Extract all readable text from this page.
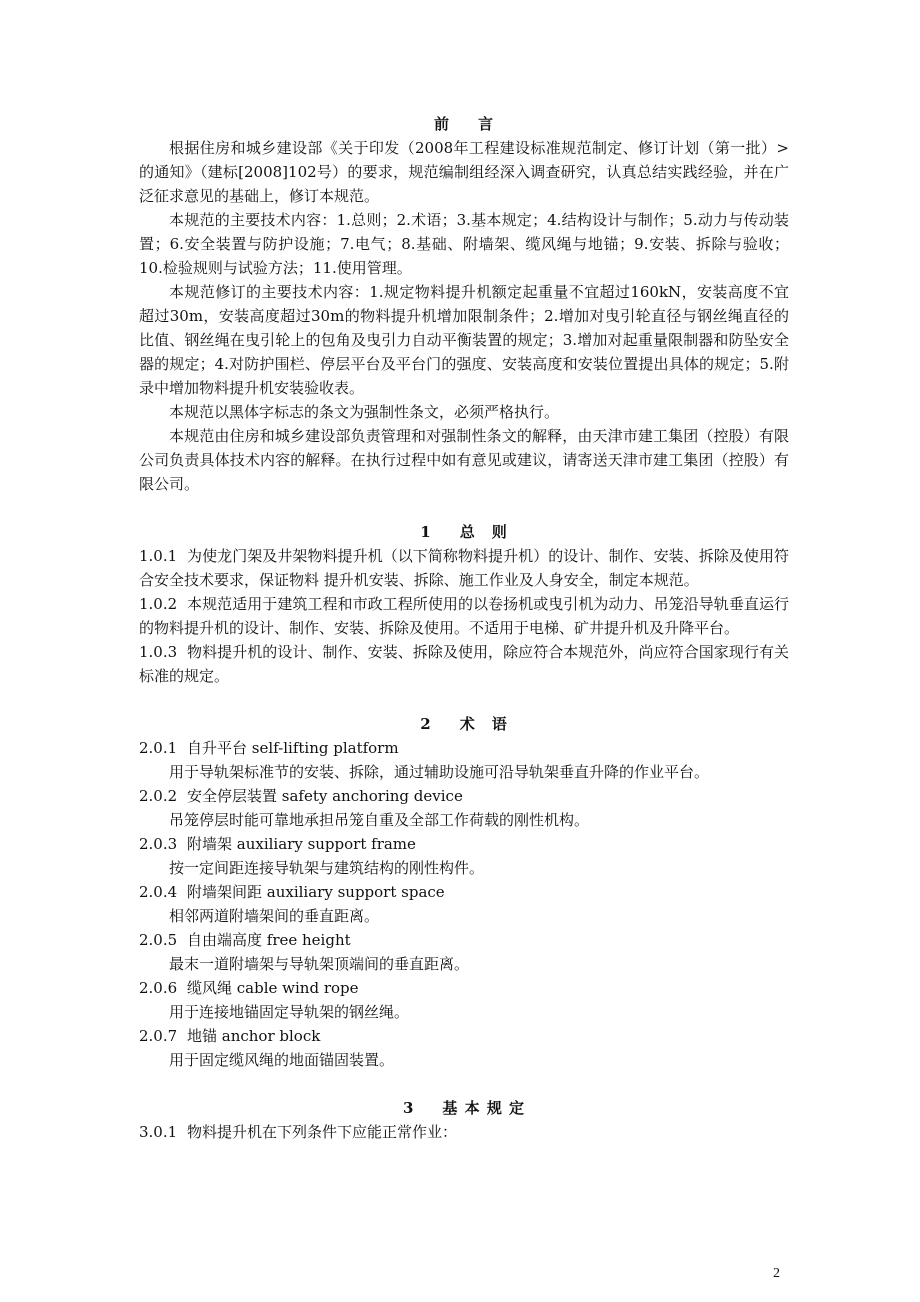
前 言

根据住房和城乡建设部《关于印发（2008年工程建设标准规范制定、修订计划（第一批）>的通知》（建标[2008]102号）的要求，规范编制组经深入调查研究，认真总结实践经验，并在广泛征求意见的基础上，修订本规范。

本规范的主要技术内容：1.总则；2.术语；3.基本规定；4.结构设计与制作；5.动力与传动装置；6.安全装置与防护设施；7.电气；8.基础、附墙架、缆风绳与地锚；9.安装、拆除与验收；10.检验规则与试验方法；11.使用管理。

本规范修订的主要技术内容：1.规定物料提升机额定起重量不宜超过160kN，安装高度不宜超过30m，安装高度超过30m的物料提升机增加限制条件；2.增加对曳引轮直径与钢丝绳直径的比值、钢丝绳在曳引轮上的包角及曳引力自动平衡装置的规定；3.增加对起重量限制器和防坠安全器的规定；4.对防护围栏、停层平台及平台门的强度、安装高度和安装位置提出具体的规定；5.附录中增加物料提升机安装验收表。

本规范以黑体字标志的条文为强制性条文，必须严格执行。

本规范由住房和城乡建设部负责管理和对强制性条文的解释，由天津市建工集团（控股）有限公司负责具体技术内容的解释。在执行过程中如有意见或建议，请寄送天津市建工集团（控股）有限公司。

1 总　则

1.0.1 为使龙门架及井架物料提升机（以下简称物料提升机）的设计、制作、安装、拆除及使用符合安全技术要求，保证物料 提升机安装、拆除、施工作业及人身安全，制定本规范。

1.0.2 本规范适用于建筑工程和市政工程所使用的以卷扬机或曳引机为动力、吊笼沿导轨垂直运行的物料提升机的设计、制作、安装、拆除及使用。不适用于电梯、矿井提升机及升降平台。

1.0.3 物料提升机的设计、制作、安装、拆除及使用，除应符合本规范外，尚应符合国家现行有关标准的规定。

2 术　语

2.0.1 自升平台 self-lifting platform

用于导轨架标准节的安装、拆除，通过辅助设施可沿导轨架垂直升降的作业平台。

2.0.2 安全停层装置 safety anchoring device

吊笼停层时能可靠地承担吊笼自重及全部工作荷载的刚性机构。

2.0.3 附墙架 auxiliary support frame

按一定间距连接导轨架与建筑结构的刚性构件。

2.0.4 附墙架间距 auxiliary support space

相邻两道附墙架间的垂直距离。

2.0.5 自由端高度 free height

最末一道附墙架与导轨架顶端间的垂直距离。

2.0.6 缆风绳 cable wind rope

用于连接地锚固定导轨架的钢丝绳。

2.0.7 地锚 anchor block

用于固定缆风绳的地面锚固装置。

3 基 本 规 定

3.0.1 物料提升机在下列条件下应能正常作业：

2
